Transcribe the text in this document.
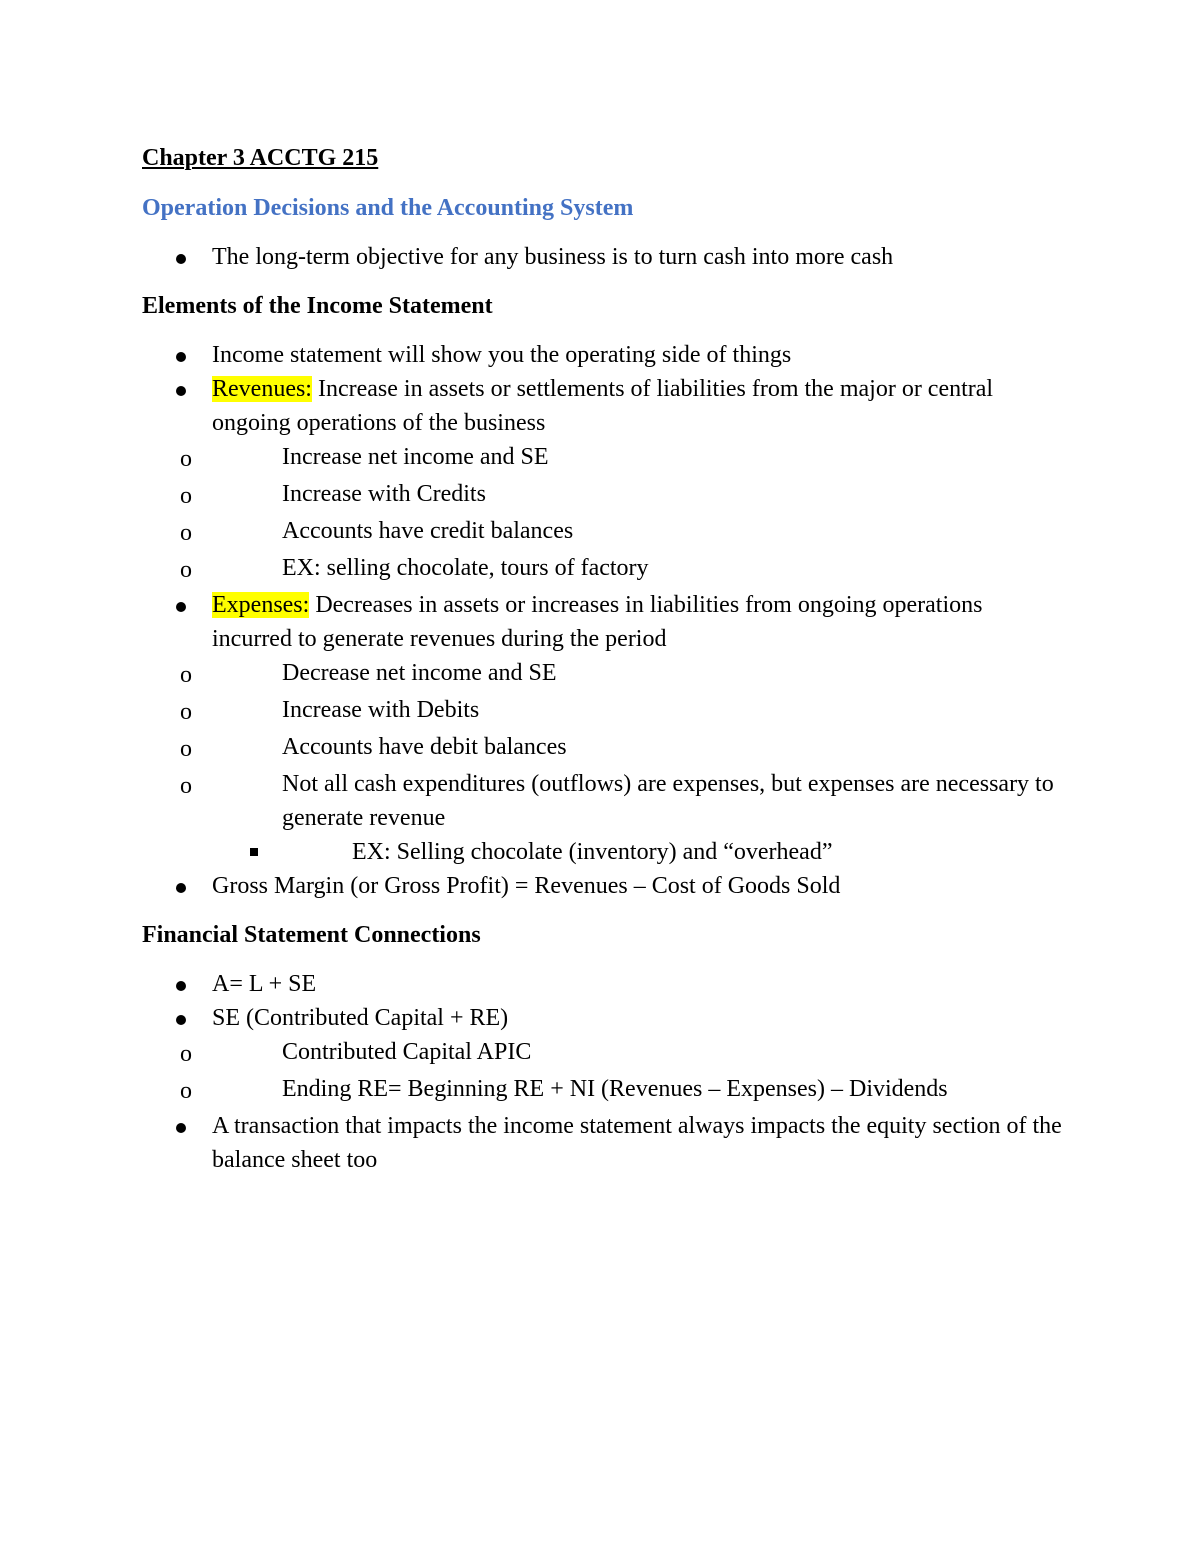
Chapter 3 ACCTG 215
Operation Decisions and the Accounting System
The long-term objective for any business is to turn cash into more cash
Elements of the Income Statement
Income statement will show you the operating side of things
Revenues: Increase in assets or settlements of liabilities from the major or central ongoing operations of the business
o	Increase net income and SE
o	Increase with Credits
o	Accounts have credit balances
o	EX: selling chocolate, tours of factory
Expenses: Decreases in assets or increases in liabilities from ongoing operations incurred to generate revenues during the period
o	Decrease net income and SE
o	Increase with Debits
o	Accounts have debit balances
o	Not all cash expenditures (outflows) are expenses, but expenses are necessary to generate revenue
EX: Selling chocolate (inventory) and “overhead”
Gross Margin (or Gross Profit) = Revenues – Cost of Goods Sold
Financial Statement Connections
A= L + SE
SE (Contributed Capital + RE)
o	Contributed Capital APIC
o	Ending RE= Beginning RE + NI (Revenues – Expenses) – Dividends
A transaction that impacts the income statement always impacts the equity section of the balance sheet too
